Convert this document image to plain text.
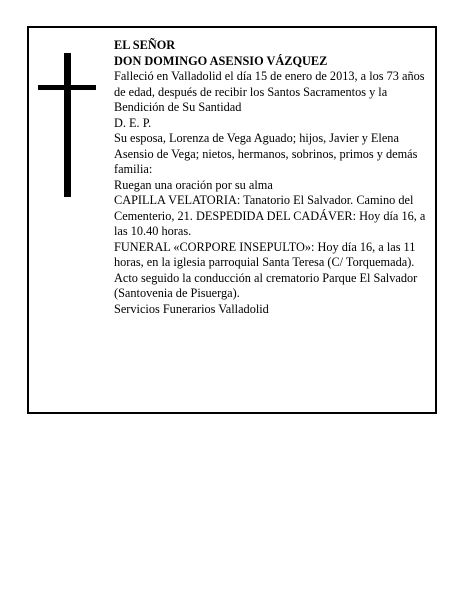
EL SEÑOR

DON DOMINGO ASENSIO VÁZQUEZ

Falleció en Valladolid el día 15 de enero de 2013, a los 73 años de edad, después de recibir los Santos Sacramentos y la Bendición de Su Santidad

D. E. P.

Su esposa, Lorenza de Vega Aguado; hijos, Javier y Elena Asensio de Vega; nietos, hermanos, sobrinos, primos y demás familia:

Ruegan una oración por su alma

CAPILLA VELATORIA: Tanatorio El Salvador. Camino del Cementerio, 21. DESPEDIDA DEL CADÁVER: Hoy día 16, a las 10.40 horas.

FUNERAL «CORPORE INSEPULTO»: Hoy día 16, a las 11 horas, en la iglesia parroquial Santa Teresa (C/ Torquemada). Acto seguido la conducción al crematorio Parque El Salvador (Santovenia de Pisuerga).

Servicios Funerarios Valladolid
